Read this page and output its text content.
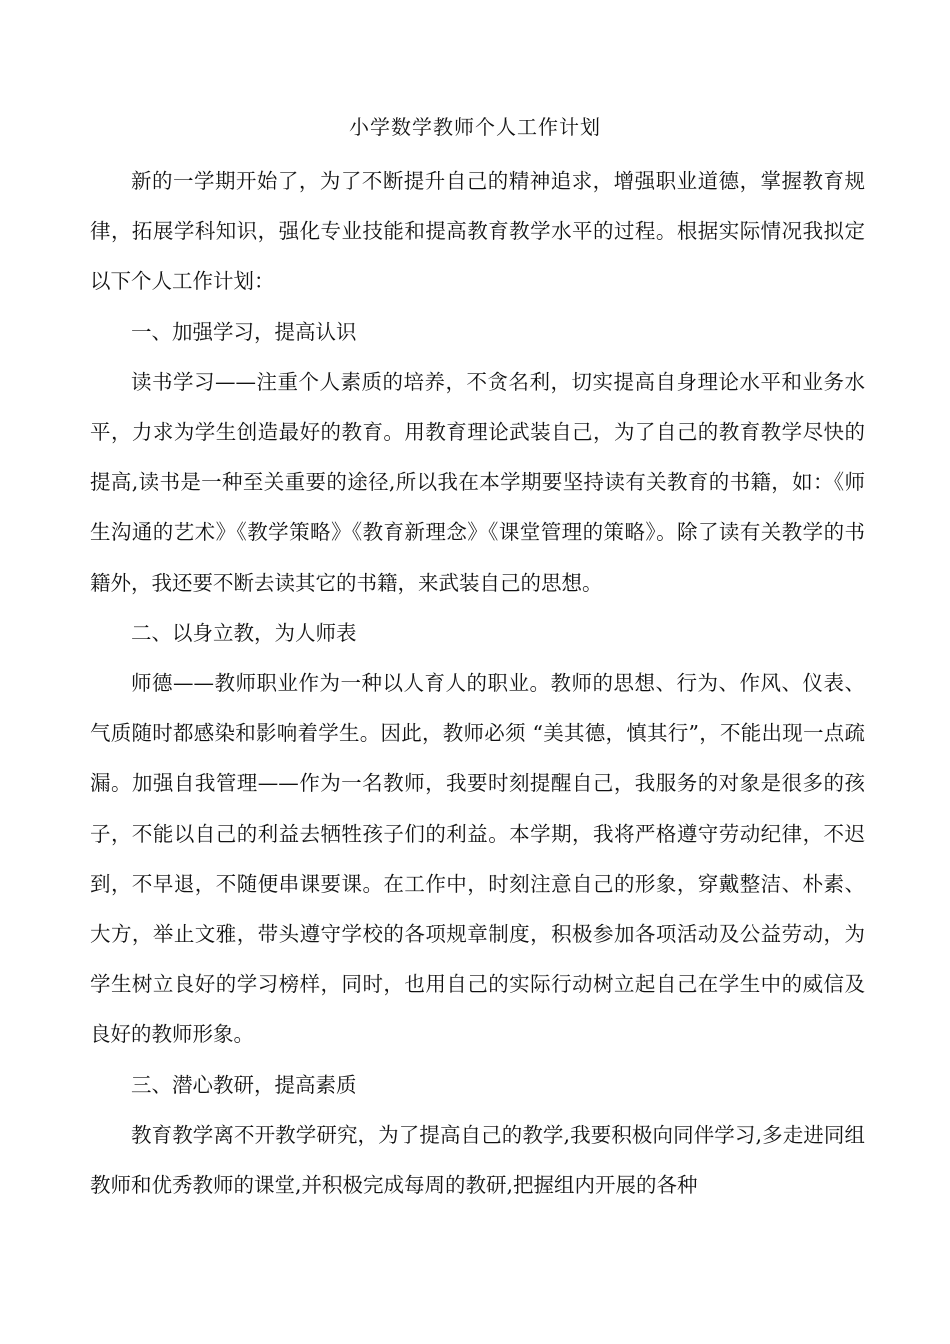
小学数学教师个人工作计划

新的一学期开始了，为了不断提升自己的精神追求，增强职业道德，掌握教育规律，拓展学科知识，强化专业技能和提高教育教学水平的过程。根据实际情况我拟定以下个人工作计划：

一、加强学习，提高认识

读书学习——注重个人素质的培养，不贪名利，切实提高自身理论水平和业务水平，力求为学生创造最好的教育。用教育理论武装自己，为了自己的教育教学尽快的提高,读书是一种至关重要的途径,所以我在本学期要坚持读有关教育的书籍，如：《师生沟通的艺术》《教学策略》《教育新理念》《课堂管理的策略》。除了读有关教学的书籍外，我还要不断去读其它的书籍，来武装自己的思想。

二、以身立教，为人师表

师德——教师职业作为一种以人育人的职业。教师的思想、行为、作风、仪表、气质随时都感染和影响着学生。因此，教师必须 “美其德，慎其行”，不能出现一点疏漏。加强自我管理——作为一名教师，我要时刻提醒自己，我服务的对象是很多的孩子，不能以自己的利益去牺牲孩子们的利益。本学期，我将严格遵守劳动纪律，不迟到，不早退，不随便串课要课。在工作中，时刻注意自己的形象，穿戴整洁、朴素、大方，举止文雅，带头遵守学校的各项规章制度，积极参加各项活动及公益劳动，为学生树立良好的学习榜样，同时，也用自己的实际行动树立起自己在学生中的威信及良好的教师形象。

三、潜心教研，提高素质

教育教学离不开教学研究，为了提高自己的教学,我要积极向同伴学习,多走进同组教师和优秀教师的课堂,并积极完成每周的教研,把握组内开展的各种
